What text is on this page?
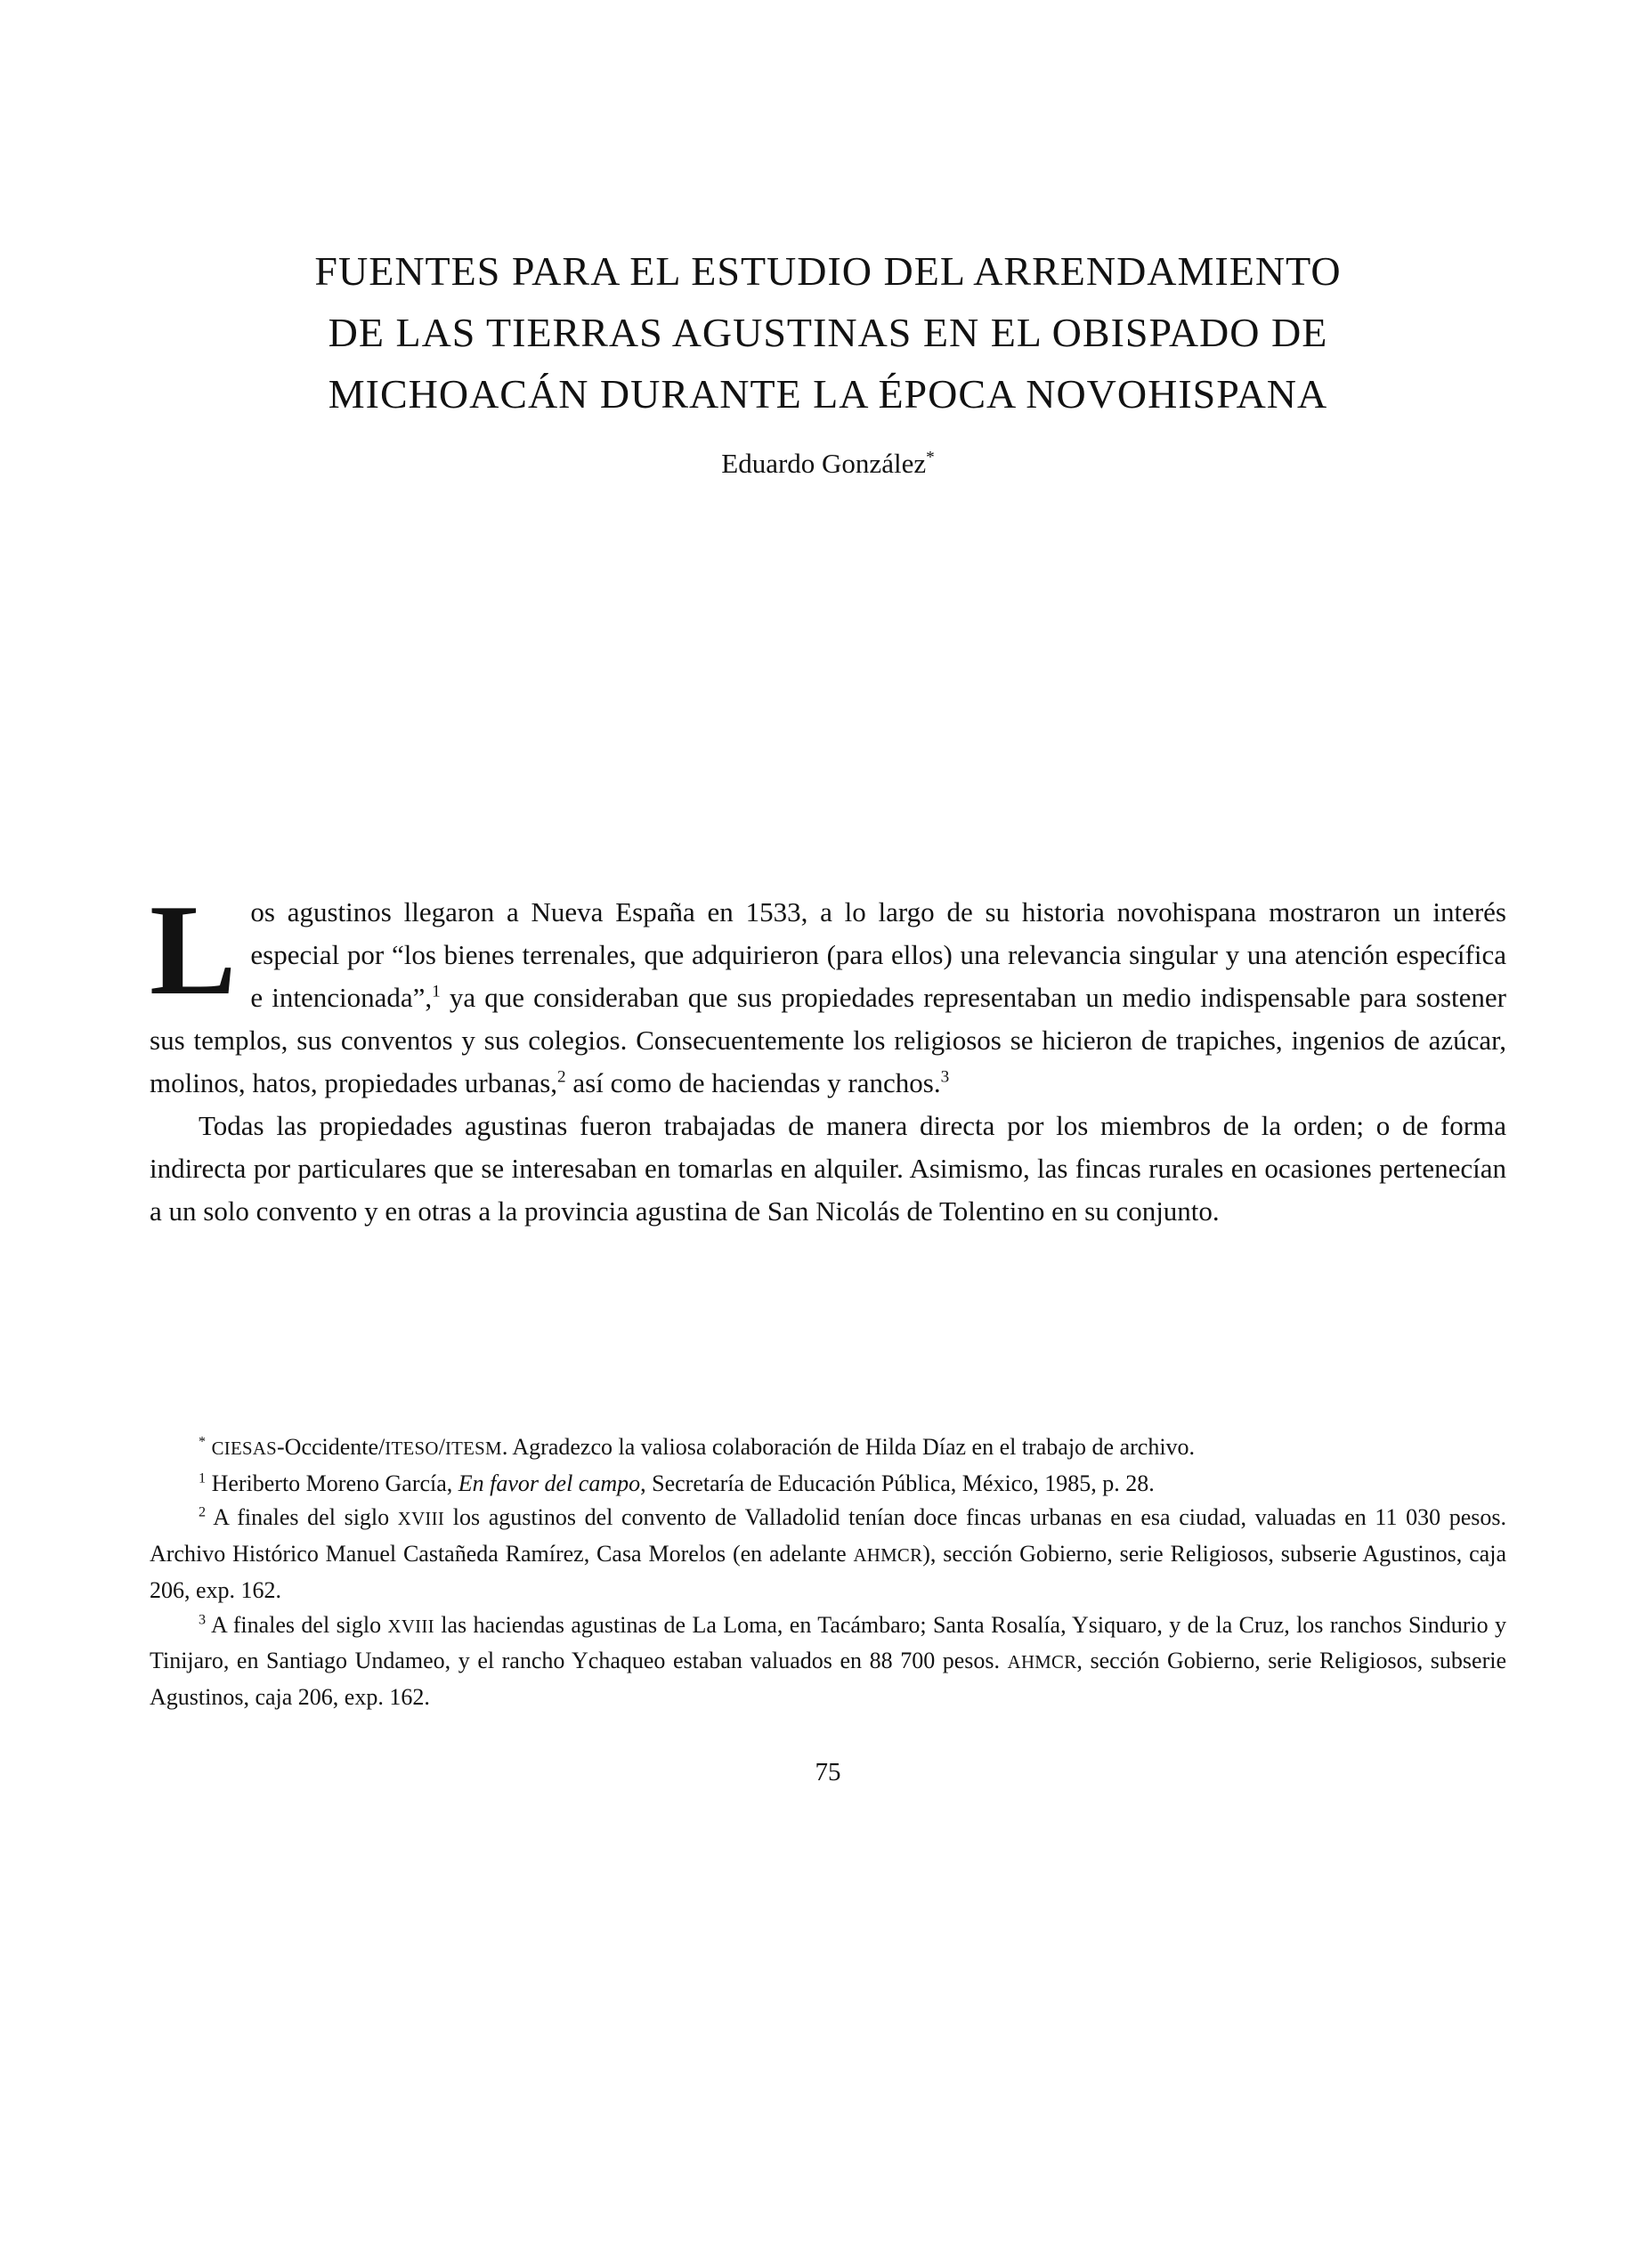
FUENTES PARA EL ESTUDIO DEL ARRENDAMIENTO
DE LAS TIERRAS AGUSTINAS EN EL OBISPADO DE
MICHOACÁN DURANTE LA ÉPOCA NOVOHISPANA
Eduardo González*

Los agustinos llegaron a Nueva España en 1533, a lo largo de su historia novohispana mostraron un interés especial por “los bienes terrenales, que adquirieron (para ellos) una relevancia singular y una atención específica e intencionada”,$^1$ ya que consideraban que sus propiedades representaban un medio indispensable para sostener sus templos, sus conventos y sus colegios. Consecuentemente los religiosos se hicieron de trapiches, ingenios de azúcar, molinos, hatos, propiedades urbanas,$^2$ así como de haciendas y ranchos.$^3$

Todas las propiedades agustinas fueron trabajadas de manera directa por los miembros de la orden; o de forma indirecta por particulares que se interesaban en tomarlas en alquiler. Asimismo, las fincas rurales en ocasiones pertenecían a un solo convento y en otras a la provincia agustina de San Nicolás de Tolentino en su conjunto.

* CIESAS-Occidente/ITESO/ITESM. Agradezco la valiosa colaboración de Hilda Díaz en el trabajo de archivo.

$^1$ Heriberto Moreno García, En favor del campo, Secretaría de Educación Pública, México, 1985, p. 28.

$^2$ A finales del siglo XVIII los agustinos del convento de Valladolid tenían doce fincas urbanas en esa ciudad, valuadas en 11 030 pesos. Archivo Histórico Manuel Castañeda Ramírez, Casa Morelos (en adelante AHMCR), sección Gobierno, serie Religiosos, subserie Agustinos, caja 206, exp. 162.

$^3$ A finales del siglo XVIII las haciendas agustinas de La Loma, en Tacámbaro; Santa Rosalía, Ysiquaro, y de la Cruz, los ranchos Sindurio y Tinijaro, en Santiago Undameo, y el rancho Ychaqueo estaban valuados en 88 700 pesos. AHMCR, sección Gobierno, serie Religiosos, subserie Agustinos, caja 206, exp. 162.

75
